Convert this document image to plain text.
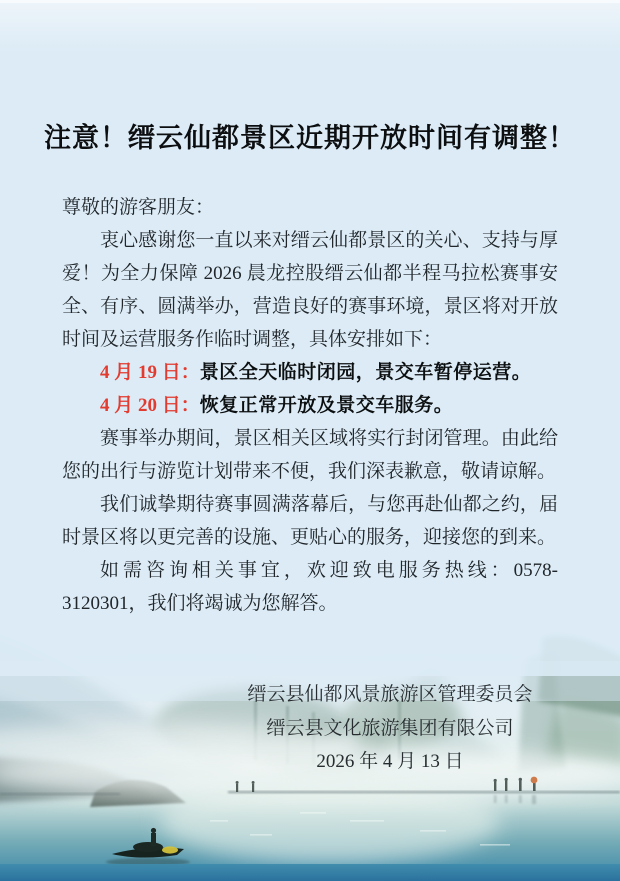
注意！缙云仙都景区近期开放时间有调整！

尊敬的游客朋友：

衷心感谢您一直以来对缙云仙都景区的关心、支持与厚爱！为全力保障 2026 晨龙控股缙云仙都半程马拉松赛事安全、有序、圆满举办，营造良好的赛事环境，景区将对开放时间及运营服务作临时调整，具体安排如下：

4 月 19 日：景区全天临时闭园，景交车暂停运营。

4 月 20 日：恢复正常开放及景交车服务。

赛事举办期间，景区相关区域将实行封闭管理。由此给您的出行与游览计划带来不便，我们深表歉意，敬请谅解。

我们诚挚期待赛事圆满落幕后，与您再赴仙都之约，届时景区将以更完善的设施、更贴心的服务，迎接您的到来。

如需咨询相关事宜，欢迎致电服务热线：0578-3120301，我们将竭诚为您解答。

缙云县仙都风景旅游区管理委员会

缙云县文化旅游集团有限公司

2026 年 4 月 13 日
